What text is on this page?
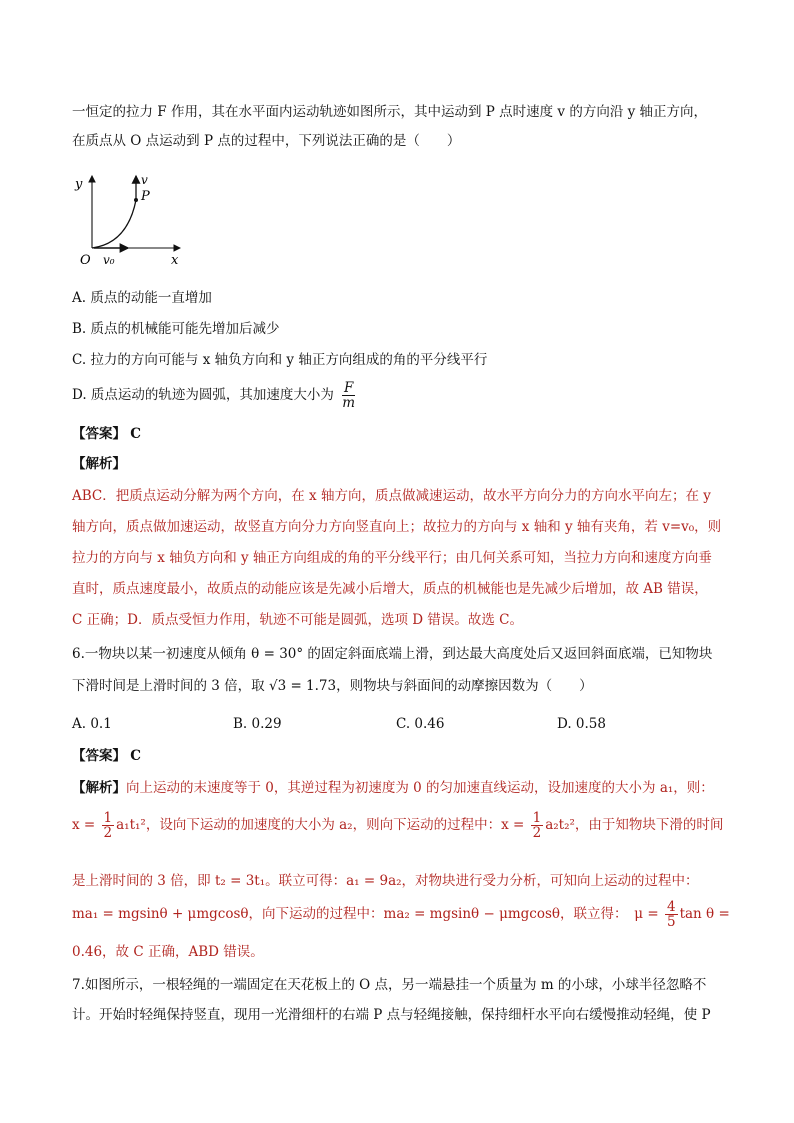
一恒定的拉力 F 作用，其在水平面内运动轨迹如图所示，其中运动到 P 点时速度 v 的方向沿 y 轴正方向，
在质点从 O 点运动到 P 点的过程中，下列说法正确的是（　　）
y	v
P
O v₀	x
A. 质点的动能一直增加
B. 质点的机械能可能先增加后减少
C. 拉力的方向可能与 x 轴负方向和 y 轴正方向组成的角的平分线平行
D. 质点运动的轨迹为圆弧，其加速度大小为 $\frac{F}{m}$
【答案】 C
【解析】
ABC．把质点运动分解为两个方向，在 x 轴方向，质点做减速运动，故水平方向分力的方向水平向左；在 y
轴方向，质点做加速运动，故竖直方向分力方向竖直向上；故拉力的方向与 x 轴和 y 轴有夹角，若 v=v₀，则
拉力的方向与 x 轴负方向和 y 轴正方向组成的角的平分线平行；由几何关系可知，当拉力方向和速度方向垂
直时，质点速度最小，故质点的动能应该是先减小后增大，质点的机械能也是先减少后增加，故 AB 错误，
C 正确；D．质点受恒力作用，轨迹不可能是圆弧，选项 D 错误。故选 C。
6.一物块以某一初速度从倾角 θ = 30° 的固定斜面底端上滑，到达最大高度处后又返回斜面底端，已知物块
下滑时间是上滑时间的 3 倍，取 √3 = 1.73，则物块与斜面间的动摩擦因数为（　　）
A. 0.1	B. 0.29	C. 0.46	D. 0.58
【答案】 C
【解析】向上运动的末速度等于 0，其逆过程为初速度为 0 的匀加速直线运动，设加速度的大小为 a₁，则：
$x = \frac{1}{2} a_1t_1^2$，设向下运动的加速度的大小为 a₂，则向下运动的过程中：$x = \frac{1}{2} a_2t_2^2$，由于知物块下滑的时间
是上滑时间的 3 倍，即 t₂ = 3t₁。联立可得：a₁ = 9a₂，对物块进行受力分析，可知向上运动的过程中：
ma₁ = mgsinθ + μmgcosθ，向下运动的过程中：ma₂ = mgsinθ − μmgcosθ，联立得：　$\mu = \frac{4}{5}$ tan θ =
0.46，故 C 正确，ABD 错误。
7.如图所示，一根轻绳的一端固定在天花板上的 O 点，另一端悬挂一个质量为 m 的小球，小球半径忽略不
计。开始时轻绳保持竖直，现用一光滑细杆的右端 P 点与轻绳接触，保持细杆水平向右缓慢推动轻绳，使 P
